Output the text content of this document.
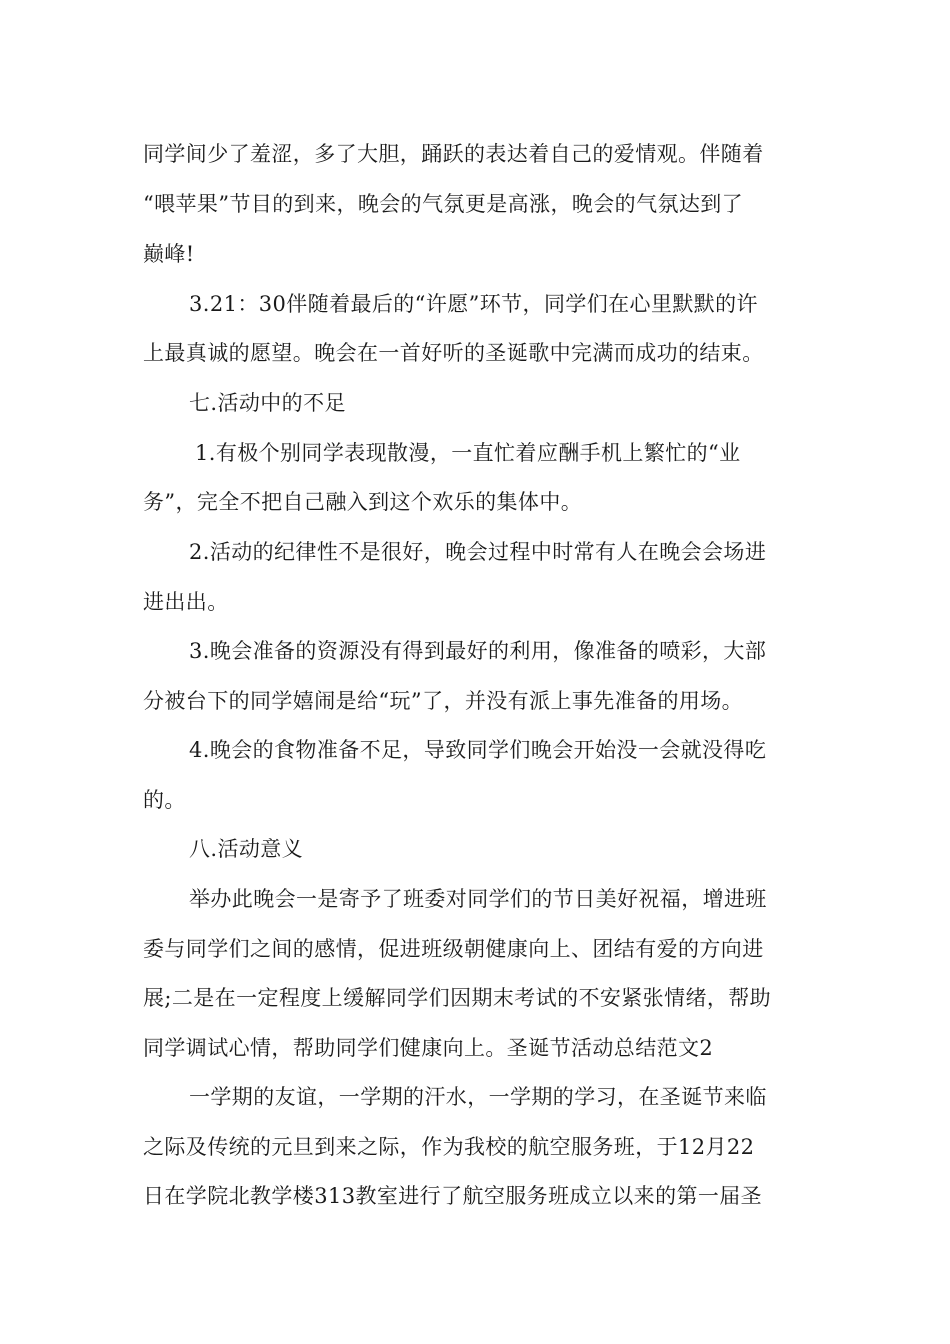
同学间少了羞涩，多了大胆，踊跃的表达着自己的爱情观。伴随着
“喂苹果”节目的到来，晚会的气氛更是高涨，晚会的气氛达到了
巅峰!
3.21：30伴随着最后的“许愿”环节，同学们在心里默默的许
上最真诚的愿望。晚会在一首好听的圣诞歌中完满而成功的结束。
七.活动中的不足
1.有极个别同学表现散漫，一直忙着应酬手机上繁忙的“业
务”，完全不把自己融入到这个欢乐的集体中。
2.活动的纪律性不是很好，晚会过程中时常有人在晚会会场进
进出出。
3.晚会准备的资源没有得到最好的利用，像准备的喷彩，大部
分被台下的同学嬉闹是给“玩”了，并没有派上事先准备的用场。
4.晚会的食物准备不足，导致同学们晚会开始没一会就没得吃
的。
八.活动意义
举办此晚会一是寄予了班委对同学们的节日美好祝福，增进班
委与同学们之间的感情，促进班级朝健康向上、团结有爱的方向进
展;二是在一定程度上缓解同学们因期末考试的不安紧张情绪，帮助
同学调试心情，帮助同学们健康向上。圣诞节活动总结范文2
一学期的友谊，一学期的汗水，一学期的学习，在圣诞节来临
之际及传统的元旦到来之际，作为我校的航空服务班，于12月22
日在学院北教学楼313教室进行了航空服务班成立以来的第一届圣
